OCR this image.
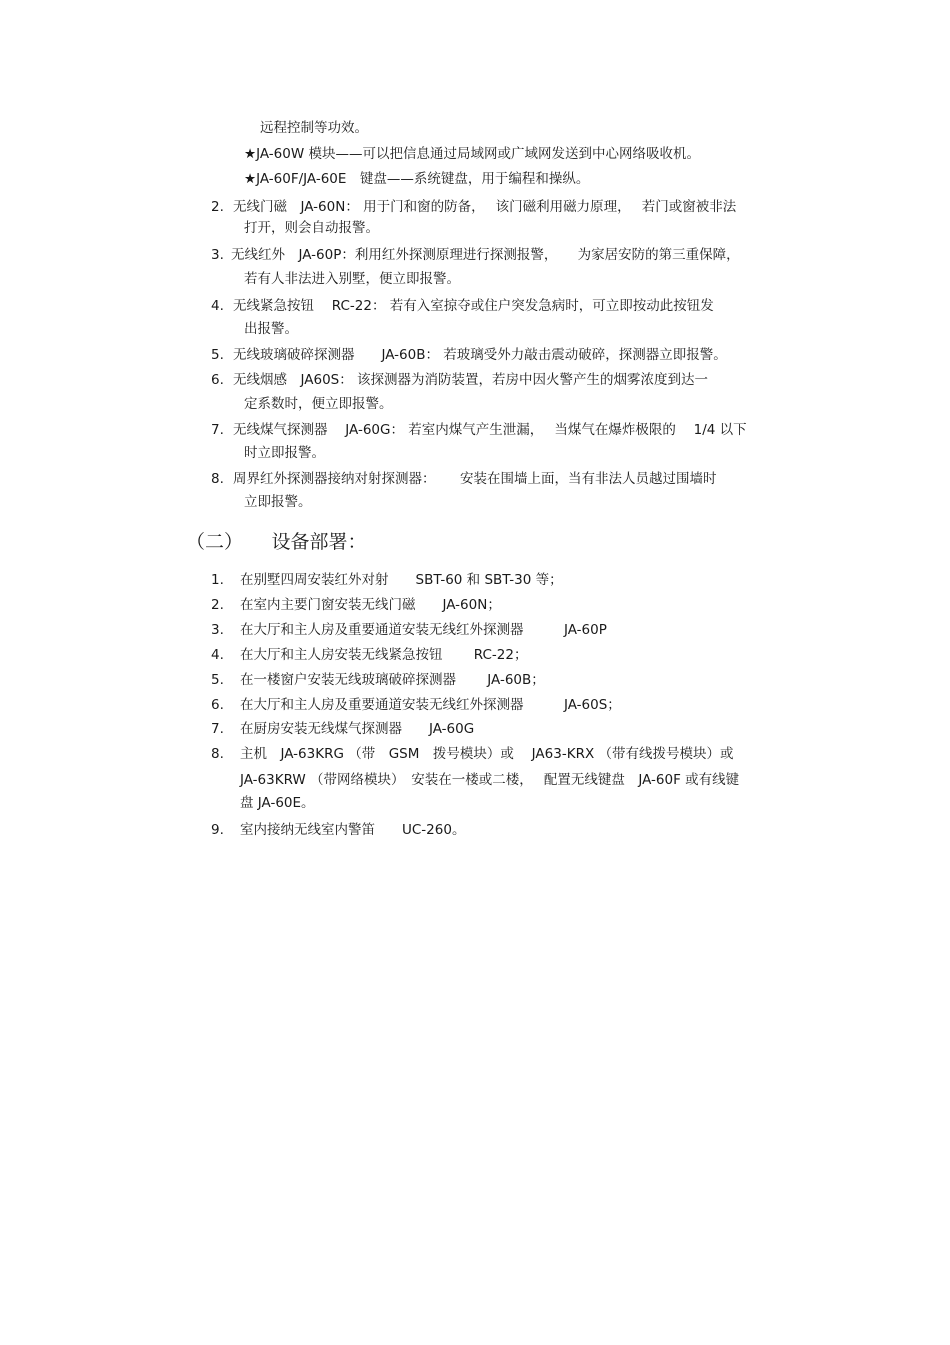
远程控制等功效。
★JA-60W 模块——可以把信息通过局域网或广域网发送到中心网络吸收机。
★JA-60F/JA-60E　键盘——系统键盘，用于编程和操纵。
2. 无线门磁　JA-60N： 用于门和窗的防备，　 该门磁利用磁力原理，　 若门或窗被非法
打开，则会自动报警。
3. 无线红外　JA-60P：利用红外探测原理进行探测报警，　　为家居安防的第三重保障，
若有人非法进入别墅，便立即报警。
4. 无线紧急按钮　 RC-22： 若有入室掠夺或住户突发急病时，可立即按动此按钮发
出报警。
5. 无线玻璃破碎探测器　　JA-60B： 若玻璃受外力敲击震动破碎，探测器立即报警。
6. 无线烟感　JA60S： 该探测器为消防装置，若房中因火警产生的烟雾浓度到达一
定系数时，便立即报警。
7. 无线煤气探测器　 JA-60G： 若室内煤气产生泄漏，　 当煤气在爆炸极限的　 1/4 以下
时立即报警。
8. 周界红外探测器接纳对射探测器：　　 安装在围墙上面，当有非法人员越过围墙时
立即报警。
（二）　　设备部署：
1. 在别墅四周安装红外对射　　SBT-60 和 SBT-30 等；
2. 在室内主要门窗安装无线门磁　　JA-60N；
3. 在大厅和主人房及重要通道安装无线红外探测器　　　JA-60P
4. 在大厅和主人房安装无线紧急按钮　　 RC-22；
5. 在一楼窗户安装无线玻璃破碎探测器　　 JA-60B；
6. 在大厅和主人房及重要通道安装无线红外探测器　　　JA-60S；
7. 在厨房安装无线煤气探测器　　JA-60G
8. 主机　JA-63KRG （带　GSM　拨号模块）或　 JA63-KRX （带有线拨号模块）或
JA-63KRW （带网络模块）　安装在一楼或二楼，　 配置无线键盘　JA-60F 或有线键
盘 JA-60E。
9. 室内接纳无线室内警笛　　UC-260。
